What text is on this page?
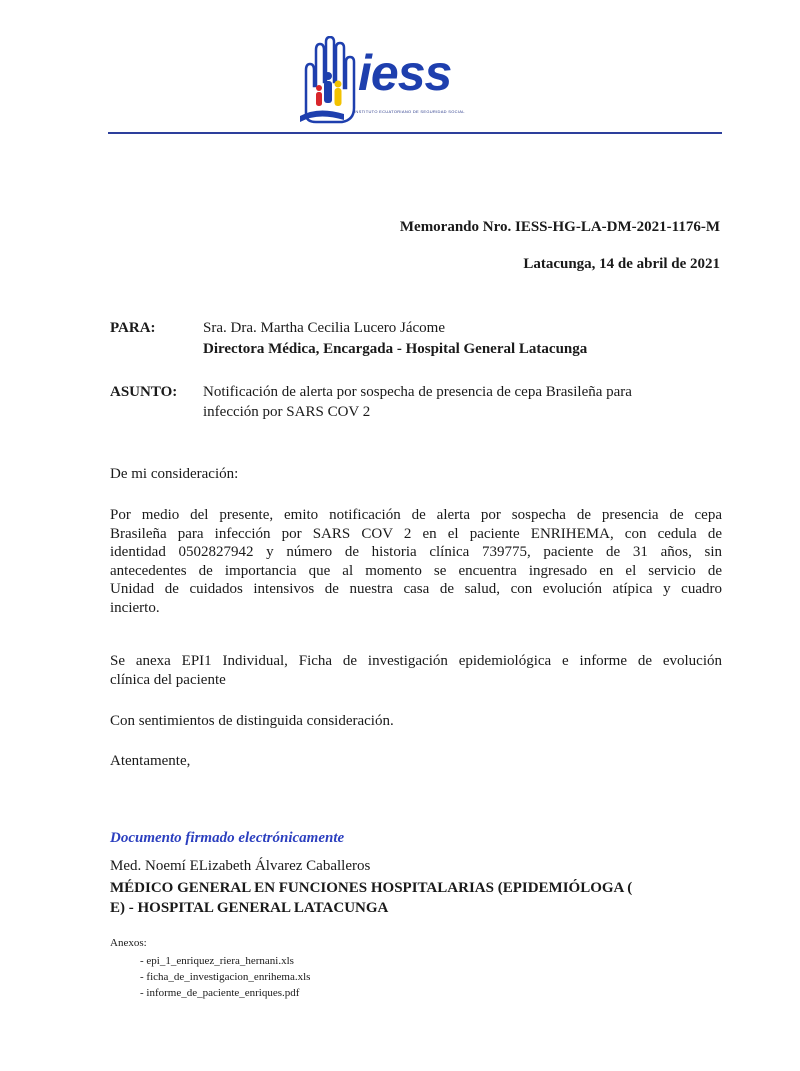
iess
INSTITUTO ECUATORIANO DE SEGURIDAD SOCIAL
Memorando Nro. IESS-HG-LA-DM-2021-1176-M
Latacunga, 14 de abril de 2021
PARA:	Sra. Dra. Martha Cecilia Lucero Jácome
Directora Médica, Encargada - Hospital General Latacunga
ASUNTO: Notificación de alerta por sospecha de presencia de cepa Brasileña para
infección por SARS COV 2
De mi consideración:
Por medio del presente, emito notificación de alerta por sospecha de presencia de cepa
Brasileña para infección por SARS COV 2 en el paciente ENRIHEMA, con cedula de
identidad 0502827942 y número de historia clínica 739775, paciente de 31 años, sin
antecedentes de importancia que al momento se encuentra ingresado en el servicio de
Unidad de cuidados intensivos de nuestra casa de salud, con evolución atípica y cuadro
incierto.
Se anexa EPI1 Individual, Ficha de investigación epidemiológica e informe de evolución
clínica del paciente
Con sentimientos de distinguida consideración.
Atentamente,
Documento firmado electrónicamente
Med. Noemí ELizabeth Álvarez Caballeros
MÉDICO GENERAL EN FUNCIONES HOSPITALARIAS (EPIDEMIÓLOGA (
E) - HOSPITAL GENERAL LATACUNGA
Anexos:
- epi_1_enriquez_riera_hernani.xls
- ficha_de_investigacion_enrihema.xls
- informe_de_paciente_enriques.pdf
